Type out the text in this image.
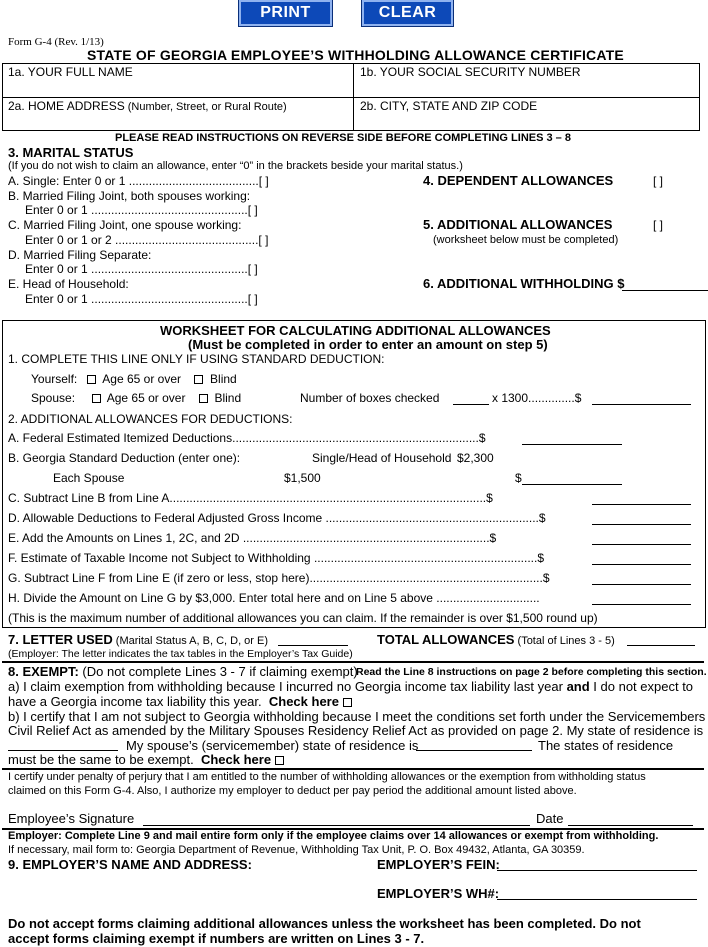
PRINT	CLEAR
Form G-4 (Rev. 1/13)
STATE OF GEORGIA EMPLOYEE’S WITHHOLDING ALLOWANCE CERTIFICATE
1a. YOUR FULL NAME	1b. YOUR SOCIAL SECURITY NUMBER
2a. HOME ADDRESS (Number, Street, or Rural Route)	2b. CITY, STATE AND ZIP CODE
PLEASE READ INSTRUCTIONS ON REVERSE SIDE BEFORE COMPLETING LINES 3 – 8
3. MARITAL STATUS
(If you do not wish to claim an allowance, enter “0” in the brackets beside your marital status.)
A. Single: Enter 0 or 1 .......................................[ ]
B. Married Filing Joint, both spouses working:
Enter 0 or 1 ...............................................[ ]
C. Married Filing Joint, one spouse working:
Enter 0 or 1 or 2 ...........................................[ ]
D. Married Filing Separate:
Enter 0 or 1 ...............................................[ ]
E. Head of Household:
Enter 0 or 1 ...............................................[ ]
4. DEPENDENT ALLOWANCES	[ ]
5. ADDITIONAL ALLOWANCES	[ ]
(worksheet below must be completed)
6. ADDITIONAL WITHHOLDING $
WORKSHEET FOR CALCULATING ADDITIONAL ALLOWANCES
(Must be completed in order to enter an amount on step 5)
1. COMPLETE THIS LINE ONLY IF USING STANDARD DEDUCTION:
Yourself: Age 65 or over Blind
Spouse:	Age 65 or over Blind	Number of boxes checked	x 1300..............$
2. ADDITIONAL ALLOWANCES FOR DEDUCTIONS:
A. Federal Estimated Itemized Deductions..........................................................................$
B. Georgia Standard Deduction (enter one):	Single/Head of Household $2,300
Each Spouse	$1,500	$
C. Subtract Line B from Line A...............................................................................................$
D. Allowable Deductions to Federal Adjusted Gross Income ................................................................$
E. Add the Amounts on Lines 1, 2C, and 2D ..........................................................................$
F. Estimate of Taxable Income not Subject to Withholding ...................................................................$
G. Subtract Line F from Line E (if zero or less, stop here)......................................................................$
H. Divide the Amount on Line G by $3,000. Enter total here and on Line 5 above ...............................
(This is the maximum number of additional allowances you can claim. If the remainder is over $1,500 round up)
7. LETTER USED (Marital Status A, B, C, D, or E)	TOTAL ALLOWANCES (Total of Lines 3 - 5)
(Employer: The letter indicates the tax tables in the Employer’s Tax Guide)
8. EXEMPT: (Do not complete Lines 3 - 7 if claiming exempt)
Read the Line 8 instructions on page 2 before completing this section.
a) I claim exemption from withholding because I incurred no Georgia income tax liability last year and I do not expect to
have a Georgia income tax liability this year. Check here
b) I certify that I am not subject to Georgia withholding because I meet the conditions set forth under the Servicemembers
Civil Relief Act as amended by the Military Spouses Residency Relief Act as provided on page 2. My state of residence is
My spouse’s (servicemember) state of residence is	The states of residence
must be the same to be exempt. Check here
I certify under penalty of perjury that I am entitled to the number of withholding allowances or the exemption from withholding status
claimed on this Form G-4. Also, I authorize my employer to deduct per pay period the additional amount listed above.
Employee’s Signature	Date
Employer: Complete Line 9 and mail entire form only if the employee claims over 14 allowances or exempt from withholding.
If necessary, mail form to: Georgia Department of Revenue, Withholding Tax Unit, P. O. Box 49432, Atlanta, GA 30359.
9. EMPLOYER’S NAME AND ADDRESS:	EMPLOYER’S FEIN:
EMPLOYER’S WH#:
Do not accept forms claiming additional allowances unless the worksheet has been completed. Do not
accept forms claiming exempt if numbers are written on Lines 3 - 7.
